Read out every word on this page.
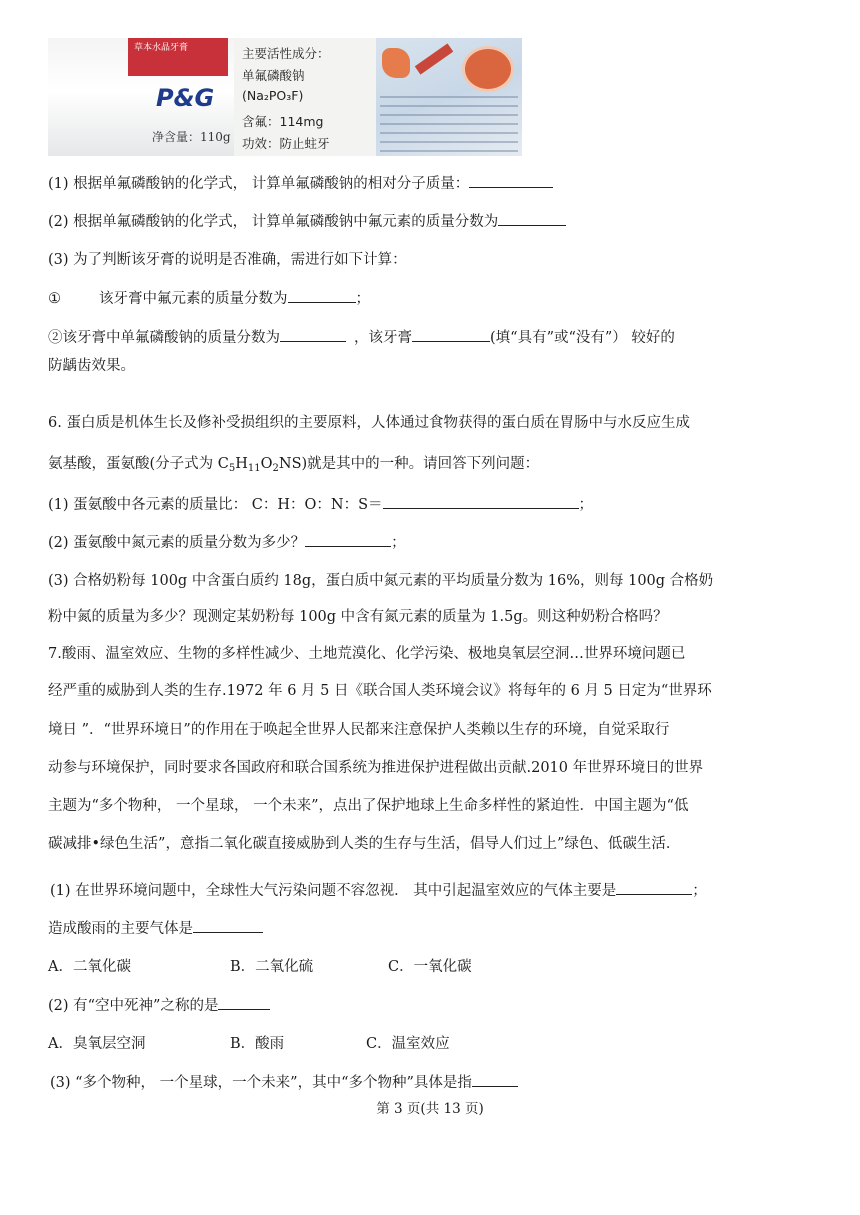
草本水晶牙膏
P&G
净含量：110g
主要活性成分：
单氟磷酸钠
(Na₂PO₃F)
含氟：114mg
功效：防止蛀牙
(1) 根据单氟磷酸钠的化学式， 计算单氟磷酸钠的相对分子质量：
(2) 根据单氟磷酸钠的化学式， 计算单氟磷酸钠中氟元素的质量分数为
(3) 为了判断该牙膏的说明是否准确，需进行如下计算：
①	该牙膏中氟元素的质量分数为	；
②该牙膏中单氟磷酸钠的质量分数为	，该牙膏	(填“具有”或“没有”） 较好的
防龋齿效果。
6. 蛋白质是机体生长及修补受损组织的主要原料，人体通过食物获得的蛋白质在胃肠中与水反应生成
氨基酸，蛋氨酸(分子式为 $C_5H_{11}O_2NS$)就是其中的一种。请回答下列问题：
(1) 蛋氨酸中各元素的质量比： C：H：O：N：S＝	；
(2) 蛋氨酸中氮元素的质量分数为多少？	；
(3) 合格奶粉每 100g 中含蛋白质约 18g，蛋白质中氮元素的平均质量分数为 16%，则每 100g 合格奶
粉中氮的质量为多少？现测定某奶粉每 100g 中含有氮元素的质量为 1.5g。则这种奶粉合格吗？
7.酸雨、温室效应、生物的多样性减少、土地荒漠化、化学污染、极地臭氧层空洞…世界环境问题已
经严重的威胁到人类的生存.1972 年 6 月 5 日《联合国人类环境会议》将每年的 6 月 5 日定为“世界环
境日 ”．“世界环境日”的作用在于唤起全世界人民都来注意保护人类赖以生存的环境，自觉采取行
动参与环境保护，同时要求各国政府和联合国系统为推进保护进程做出贡献.2010 年世界环境日的世界
主题为“多个物种， 一个星球， 一个未来”，点出了保护地球上生命多样性的紧迫性．中国主题为“低
碳减排•绿色生活”，意指二氧化碳直接威胁到人类的生存与生活，倡导人们过上”绿色、低碳生活．
(1) 在世界环境问题中，全球性大气污染问题不容忽视． 其中引起温室效应的气体主要是	；
造成酸雨的主要气体是
A．二氧化碳	B．二氧化硫	C．一氧化碳
(2) 有“空中死神”之称的是
A．臭氧层空洞	B．酸雨	C．温室效应
(3) “多个物种， 一个星球，一个未来”，其中“多个物种”具体是指
第 3 页(共 13 页)
